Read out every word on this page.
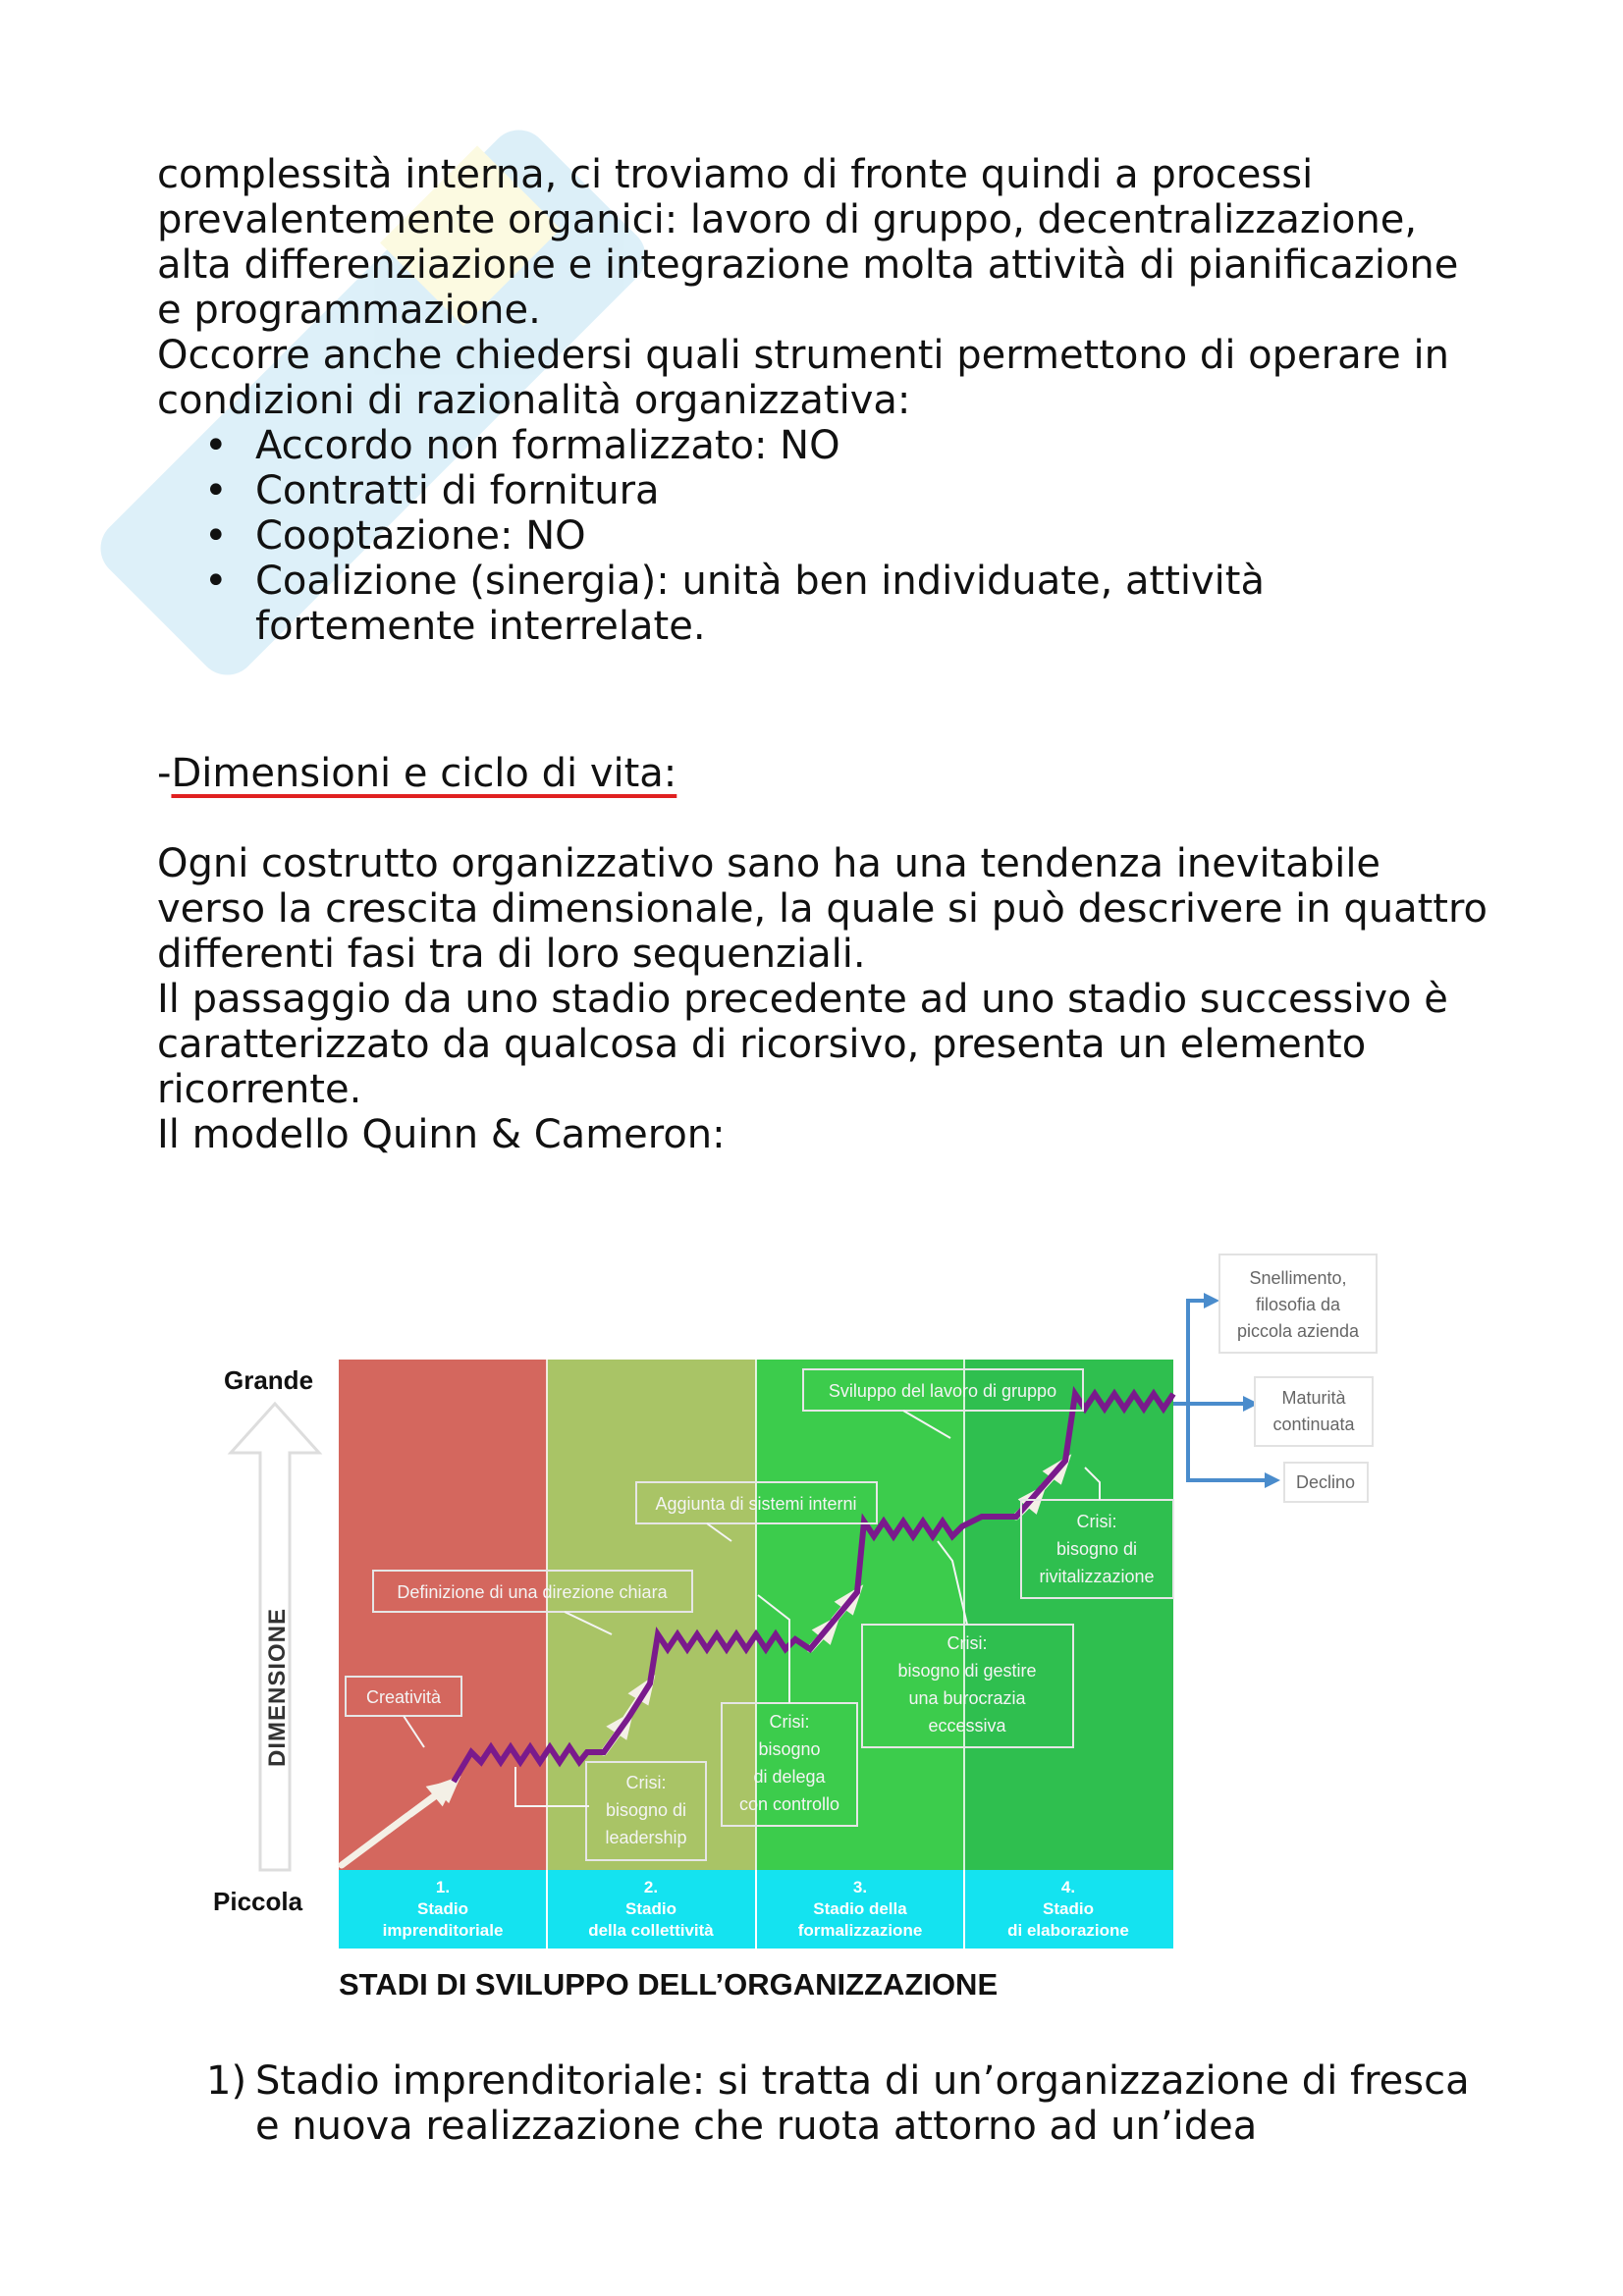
complessità interna, ci troviamo di fronte quindi a processi prevalentemente organici: lavoro di gruppo, decentralizzazione, alta differenziazione e integrazione molta attività di pianificazione e programmazione.

Occorre anche chiedersi quali strumenti permettono di operare in condizioni di razionalità organizzativa:

• Accordo non formalizzato: NO
• Contratti di fornitura
• Cooptazione: NO
• Coalizione (sinergia): unità ben individuate, attività fortemente interrelate.
-Dimensioni e ciclo di vita:

Ogni costrutto organizzativo sano ha una tendenza inevitabile verso la crescita dimensionale, la quale si può descrivere in quattro differenti fasi tra di loro sequenziali.

Il passaggio da uno stadio precedente ad uno stadio successivo è caratterizzato da qualcosa di ricorsivo, presenta un elemento ricorrente.

Il modello Quinn & Cameron:

1.
Stadio
imprenditoriale
2.
Stadio
della collettività
3.
Stadio della
formalizzazione
4.
Stadio
di elaborazione
Grande
Piccola
DIMENSIONE	Creatività
Definizione di una direzione chiara
Aggiunta di sistemi interni
Sviluppo del lavoro di gruppo
Crisi:
bisogno di
leadership
Crisi:
bisogno
di delega
con controllo
Crisi:
bisogno di gestire
una burocrazia
eccessiva
Crisi:
bisogno di
rivitalizzazione
Snellimento,
filosofia da
piccola azienda
Maturità
continuata
Declino
STADI DI SVILUPPO DELL’ORGANIZZAZIONE
1) Stadio imprenditoriale: si tratta di un’organizzazione di fresca e nuova realizzazione che ruota attorno ad un’idea
